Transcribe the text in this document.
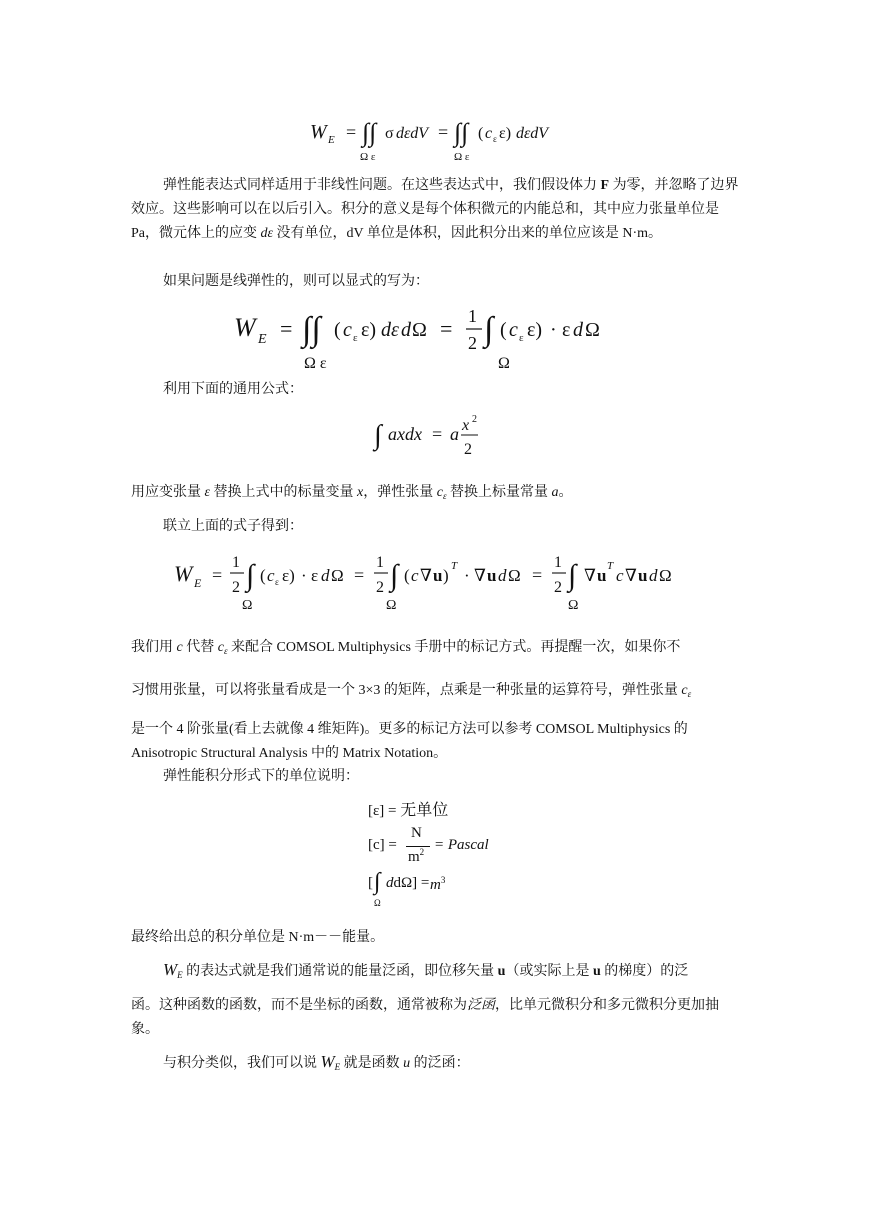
W E = ∫∫ σ dεdV = ∫∫ ( c ε ε) dεdV
Ω ε	Ω ε

弹性能表达式同样适用于非线性问题。在这些表达式中，我们假设体力 F 为零，并忽略了边界效应。这些影响可以在以后引入。积分的意义是每个体积微元的内能总和，其中应力张量单位是 Pa，微元体上的应变 dε 没有单位，dV 单位是体积，因此积分出来的单位应该是 N·m。

如果问题是线弹性的，则可以显式的写为：

W E = ∫∫ ( c ε ε) dε d Ω = 1
2 ∫ ( c ε ε) · ε d Ω
Ω ε	Ω

利用下面的通用公式：

∫ axdx = a x 2
2

用应变张量 ε 替换上式中的标量变量 x，弹性张量 $c_\varepsilon$ 替换上标量常量 a。

联立上面的式子得到：

W E =
1
2 ∫ ( c ε ε) · ε d Ω =
1
2 ∫ ( c ∇ u ) T · ∇ u d Ω =
1
2 ∫ ∇ u T c ∇ u d Ω
Ω	Ω	Ω

我们用 c 代替 $c_\varepsilon$ 来配合 COMSOL Multiphysics 手册中的标记方式。再提醒一次，如果你不

习惯用张量，可以将张量看成是一个 3×3 的矩阵，点乘是一种张量的运算符号，弹性张量 $c_\varepsilon$

是一个 4 阶张量(看上去就像 4 维矩阵)。更多的标记方法可以参考 COMSOL Multiphysics 的 Anisotropic Structural Analysis 中的 Matrix Notation。

弹性能积分形式下的单位说明：

[ε] = 无单位
[c] =
N
$m^2$ = Pascal
[ ∫ $dd\Omega] = m^3$
Ω

最终给出总的积分单位是 N·m－－能量。

$W_E$ 的表达式就是我们通常说的能量泛函，即位移矢量 u（或实际上是 u 的梯度）的泛

函。这种函数的函数，而不是坐标的函数，通常被称为泛函，比单元微积分和多元微积分更加抽象。

与积分类似，我们可以说 $W_E$ 就是函数 u 的泛函：
